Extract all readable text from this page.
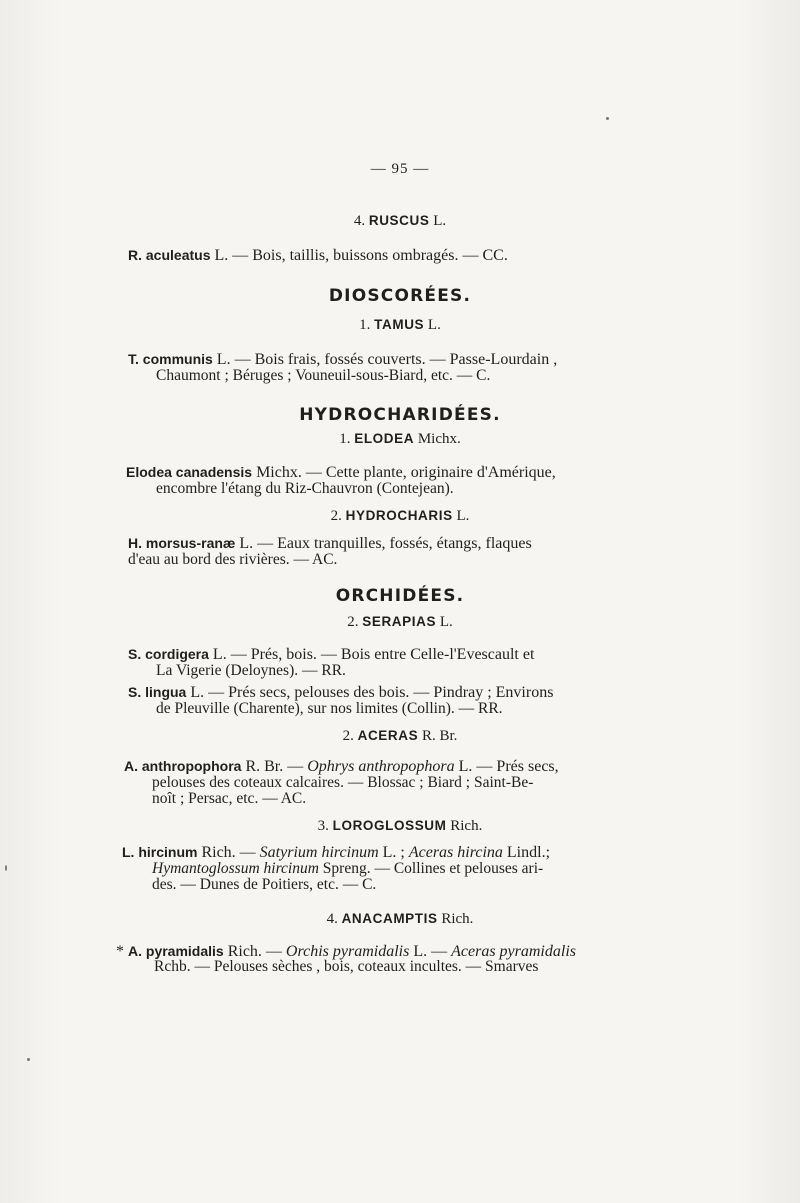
— 95 —
4. RUSCUS L.
R. aculeatus L. — Bois, taillis, buissons ombragés. — CC.
DIOSCORÉES.
1. TAMUS L.
T. communis L. — Bois frais, fossés couverts. — Passe-Lourdain ,
Chaumont ; Béruges ; Vouneuil-sous-Biard, etc. — C.
HYDROCHARIDÉES.
1. ELODEA Michx.
Elodea canadensis Michx. — Cette plante, originaire d'Amérique,
encombre l'étang du Riz-Chauvron (Contejean).
2. HYDROCHARIS L.
H. morsus-ranæ L. — Eaux tranquilles, fossés, étangs, flaques
d'eau au bord des rivières. — AC.
ORCHIDÉES.
2. SERAPIAS L.
S. cordigera L. — Prés, bois. — Bois entre Celle-l'Evescault et
La Vigerie (Deloynes). — RR.
S. lingua L. — Prés secs, pelouses des bois. — Pindray ; Environs
de Pleuville (Charente), sur nos limites (Collin). — RR.
2. ACERAS R. Br.
A. anthropophora R. Br. — Ophrys anthropophora L. — Prés secs,
pelouses des coteaux calcaires. — Blossac ; Biard ; Saint-Be-
noît ; Persac, etc. — AC.
3. LOROGLOSSUM Rich.
L. hircinum Rich. — Satyrium hircinum L. ; Aceras hircina Lindl.;
Hymantoglossum hircinum Spreng. — Collines et pelouses ari-
des. — Dunes de Poitiers, etc. — C.
4. ANACAMPTIS Rich.
* A. pyramidalis Rich. — Orchis pyramidalis L. — Aceras pyramidalis
Rchb. — Pelouses sèches , bois, coteaux incultes. — Smarves
